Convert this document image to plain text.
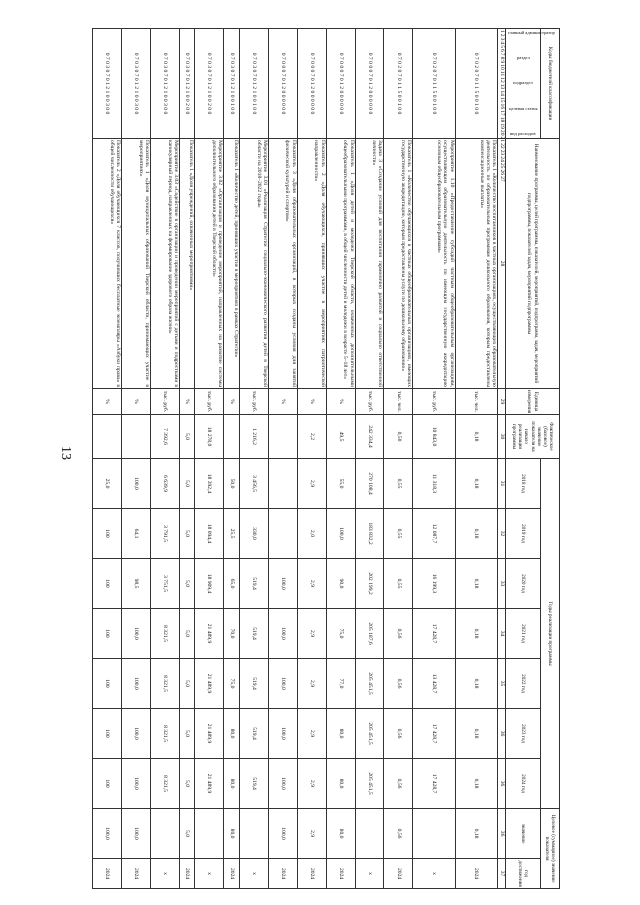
13
Коды бюджетной классификации	Наименование программы, целей программы, показателей, мероприятий, подпрограмм, задач, мероприятий подпрограммы, показателей задач, мероприятий подпрограммы	Единица измерения	Фактическое (базовое) значение показателя на начало реализации программы	Годы реализации программы							Целевое (суммарное) значение показателя	

главный администратор
раздел
подраздел
целевая статья
вид расходов				2018 год	2019 год	2020 год	2021 год	2022 год	2023 год	2024 год	значение	год достижения
123456789101112131415161718192021222324252627	28	29	30	31	32	33	34	35	36	36	36	37
0 7 0 2 0 7 0 1 1 5 0 0 1 0 0	Показатель 1 «Количество воспитанников в частных организациях, осуществляющих образовательную деятельность по образовательным программам дошкольного образования, которым предоставлены компенсационные выплаты»	тыс. чел.	0,18	0,18	0,18	0,18	0,18	0,18	0,18	0,18	0,18	2024
0 7 0 2 0 7 0 1 1 5 0 0 1 0 0	Мероприятие 1.10 «Предоставление субсидий частным общеобразовательным организациям, осуществляющим образовательную деятельность по имеющим государственную аккредитацию основным общеобразовательным программам»	тыс. руб.	10 843,0	11 318,3	12 087,7	16 199,3	17 428,7	13 428,7	17 428,7	17 428,7		х
0 7 0 2 0 7 0 1 1 5 0 0 1 0 0	Показатель 1 «Количество обучающихся в частных общеобразовательных организациях, имеющих государственную аккредитацию, которым предоставлены услуги по дошкольному образованию»	тыс. чел.	0,50	0,55	0,55	0,55	0,56	0,56	0,56	0,56	0,56	2024
0 7 0 0 0 7 0 1 2 0 0 0 0 0 0	Задача 3 «Создание условий для воспитания гармонично развитой и социально ответственной личности»	тыс. руб.	242 334,4	270 108,4	183 832,2	202 199,2	205 187,6	205 451,5	205 451,5	205 451,5		х
0 7 0 0 0 7 0 1 2 0 0 0 0 0 0	Показатель 1 «Доля детей и молодежи Тверской области, охваченных дополнительными общеобразовательными программами, в общей численности детей и молодежи в возрасте 5–18 лет»	%	49,5	55,0	100,0	90,0	75,0	77,0	80,0	80,0	80,0	2024
0 7 0 0 0 7 0 1 2 0 0 0 0 0 0	Показатель 2 «Доля обучающихся, принявших участие в мероприятиях патриотической направленности»	%	2,2	2,9	2,0	2,9	2,9	2,9	2,9	2,9	2,9	2024
0 7 0 0 0 7 0 1 2 0 0 0 0 0 0	Показатель 3 «Доля образовательных организаций, в которых созданы условия для занятий физической культурой и спортом»	%				100,0	100,0	100,0	100,0	100,0	100,0	2024
0 7 0 3 0 7 0 1 2 1 0 0 1 0 0	Мероприятие 3.01 «Реализация Стратегии социально-экономического развития детей в Тверской области на 2018–2022 годы»	тыс. руб.	1 216,2	3 456,5	330,0	519,4	519,4	519,4	519,4	519,4		х
0 7 0 3 0 7 0 1 2 1 0 0 1 0 0	Показатель 1 «Количество детей, принявших участие в мероприятиях в рамках Стратегии»	%		50,0	25,5	65,0	70,0	75,0	80,0	80,0	80,0	2024
0 7 0 3 0 7 0 1 2 1 0 0 2 0 0	Мероприятие 3.02 «Организация и проведение мероприятий, направленных на развитие системы дополнительного образования детей в Тверской области»	тыс. руб.	18 278,0	18 392,4	18 094,4	18 909,4	21 489,9	21 489,9	21 489,9	21 489,9		х
0 7 0 3 0 7 0 1 2 1 0 0 2 0 0	Показатель 1 «Доля учреждений, охваченных мероприятиями»	%	5,0	5,0	5,0	5,0	5,0	5,0	5,0	5,0	5,0	2024
0 7 0 3 0 7 0 1 2 1 0 0 3 0 0	Мероприятие 3.03 «Содействие в организации и проведении мероприятий с детьми и подростками в каникулярный период, направленных на формирование здорового образа жизни»	тыс. руб.	7 392,6	6 639,9	3 791,5	3 751,5	8 321,5	8 321,5	8 321,5	8 321,5		х
0 7 0 3 0 7 0 1 2 1 0 0 3 0 0	Показатель 1 «Доля муниципальных образований Тверской области, принимающих участие в мероприятиях»	%		100,0	64,1	98,5	100,0	100,0	100,0	100,0	100,0	2024
0 7 0 3 0 7 0 1 2 1 0 0 3 0 0	Показатель 2 «Доля обучающихся 7 классов, получивших бесплатные экземпляры «Азбуки права» в общей численности обучающихся»	%		25,0	100	100	100	100	100	100	100,0	2024
